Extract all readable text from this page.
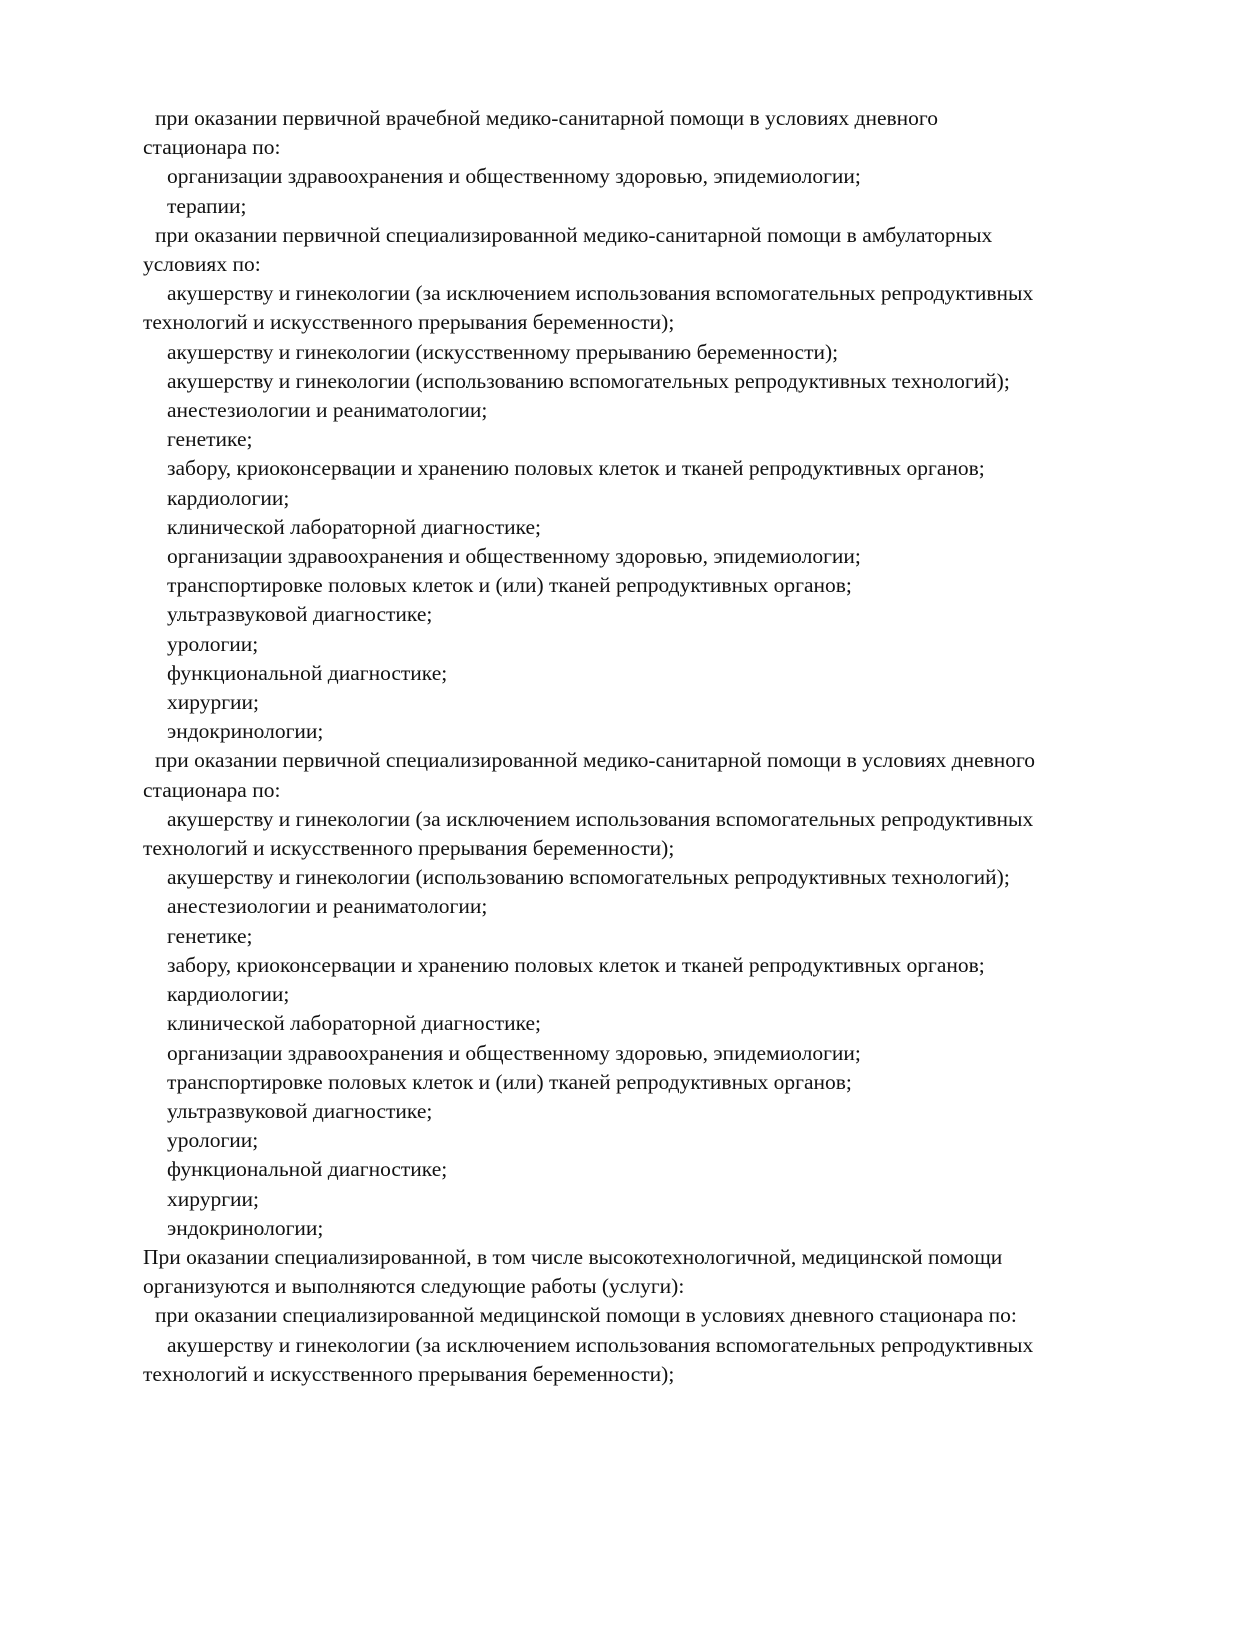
при оказании первичной врачебной медико-санитарной помощи в условиях дневного
стационара по:
организации здравоохранения и общественному здоровью, эпидемиологии;
терапии;
при оказании первичной специализированной медико-санитарной помощи в амбулаторных
условиях по:
акушерству и гинекологии (за исключением использования вспомогательных репродуктивных
технологий и искусственного прерывания беременности);
акушерству и гинекологии (искусственному прерыванию беременности);
акушерству и гинекологии (использованию вспомогательных репродуктивных технологий);
анестезиологии и реаниматологии;
генетике;
забору, криоконсервации и хранению половых клеток и тканей репродуктивных органов;
кардиологии;
клинической лабораторной диагностике;
организации здравоохранения и общественному здоровью, эпидемиологии;
транспортировке половых клеток и (или) тканей репродуктивных органов;
ультразвуковой диагностике;
урологии;
функциональной диагностике;
хирургии;
эндокринологии;
при оказании первичной специализированной медико-санитарной помощи в условиях дневного
стационара по:
акушерству и гинекологии (за исключением использования вспомогательных репродуктивных
технологий и искусственного прерывания беременности);
акушерству и гинекологии (использованию вспомогательных репродуктивных технологий);
анестезиологии и реаниматологии;
генетике;
забору, криоконсервации и хранению половых клеток и тканей репродуктивных органов;
кардиологии;
клинической лабораторной диагностике;
организации здравоохранения и общественному здоровью, эпидемиологии;
транспортировке половых клеток и (или) тканей репродуктивных органов;
ультразвуковой диагностике;
урологии;
функциональной диагностике;
хирургии;
эндокринологии;
При оказании специализированной, в том числе высокотехнологичной, медицинской помощи
организуются и выполняются следующие работы (услуги):
при оказании специализированной медицинской помощи в условиях дневного стационара по:
акушерству и гинекологии (за исключением использования вспомогательных репродуктивных
технологий и искусственного прерывания беременности);
